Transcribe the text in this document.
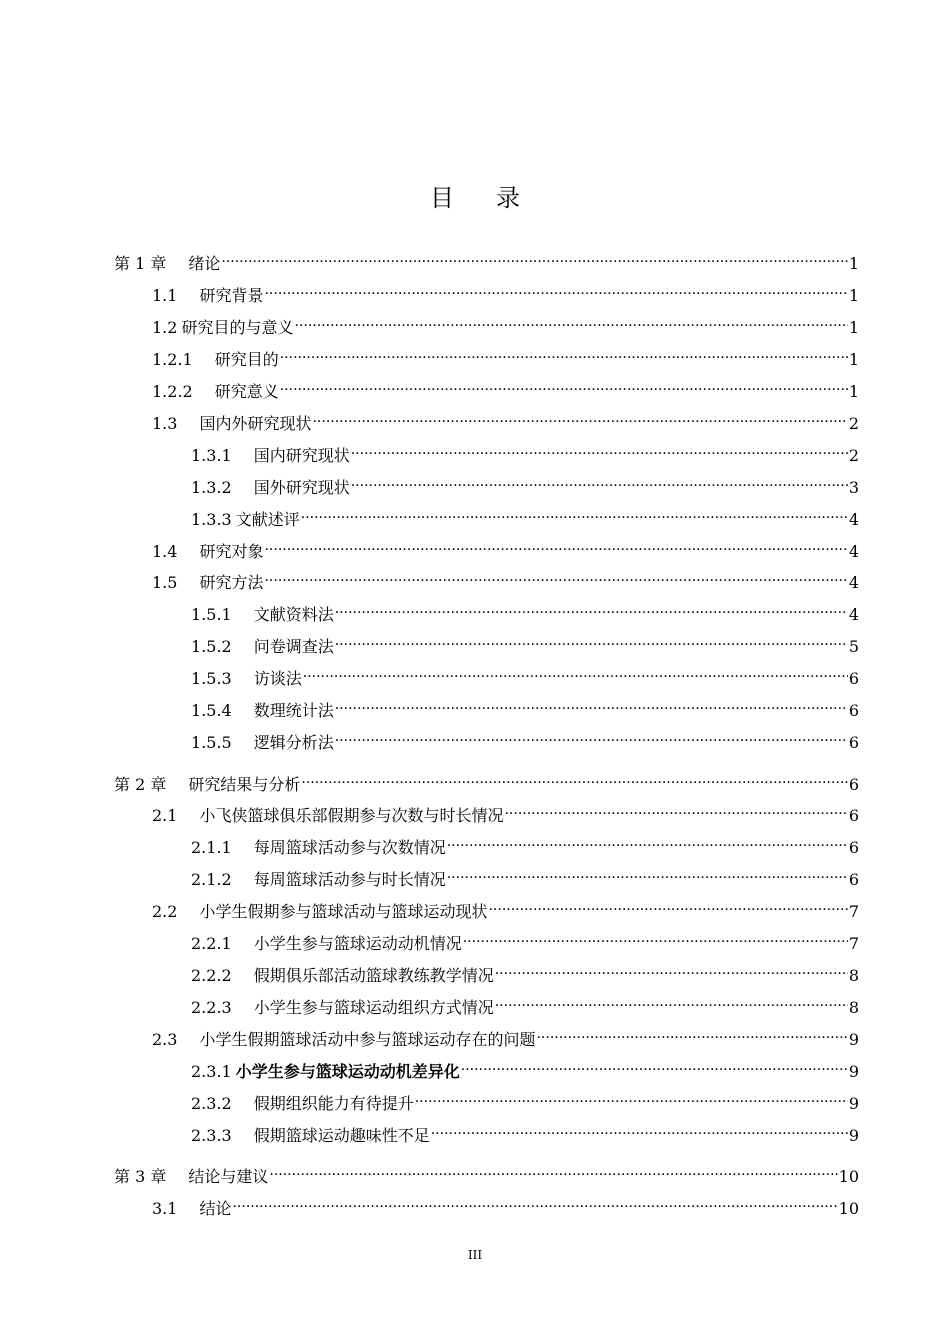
目 录
第 1 章 绪论 .....	1
1.1 研究背景 .....	1
1.2 研究目的与意义 .....	1
1.2.1 研究目的 .....	1
1.2.2 研究意义 .....	1
1.3 国内外研究现状 .....	2
1.3.1 国内研究现状 .....	2
1.3.2 国外研究现状 .....	3
1.3.3 文献述评 .....	4
1.4 研究对象 .....	4
1.5 研究方法 .....	4
1.5.1 文献资料法 .....	4
1.5.2 问卷调查法 .....	5
1.5.3 访谈法 .....	6
1.5.4 数理统计法 .....	6
1.5.5 逻辑分析法 .....	6
第 2 章 研究结果与分析 .....	6
2.1 小飞侠篮球俱乐部假期参与次数与时长情况 .....	6
2.1.1 每周篮球活动参与次数情况 .....	6
2.1.2 每周篮球活动参与时长情况 .....	6
2.2 小学生假期参与篮球活动与篮球运动现状 .....	7
2.2.1 小学生参与篮球运动动机情况 .....	7
2.2.2 假期俱乐部活动篮球教练教学情况 .....	8
2.2.3 小学生参与篮球运动组织方式情况 .....	8
2.3 小学生假期篮球活动中参与篮球运动存在的问题 .....	9
2.3.1 小学生参与篮球运动动机差异化 .....	9
2.3.2 假期组织能力有待提升 .....	9
2.3.3 假期篮球运动趣味性不足 .....	9
第 3 章 结论与建议 .....	10
3.1 结论 .....	10
III
